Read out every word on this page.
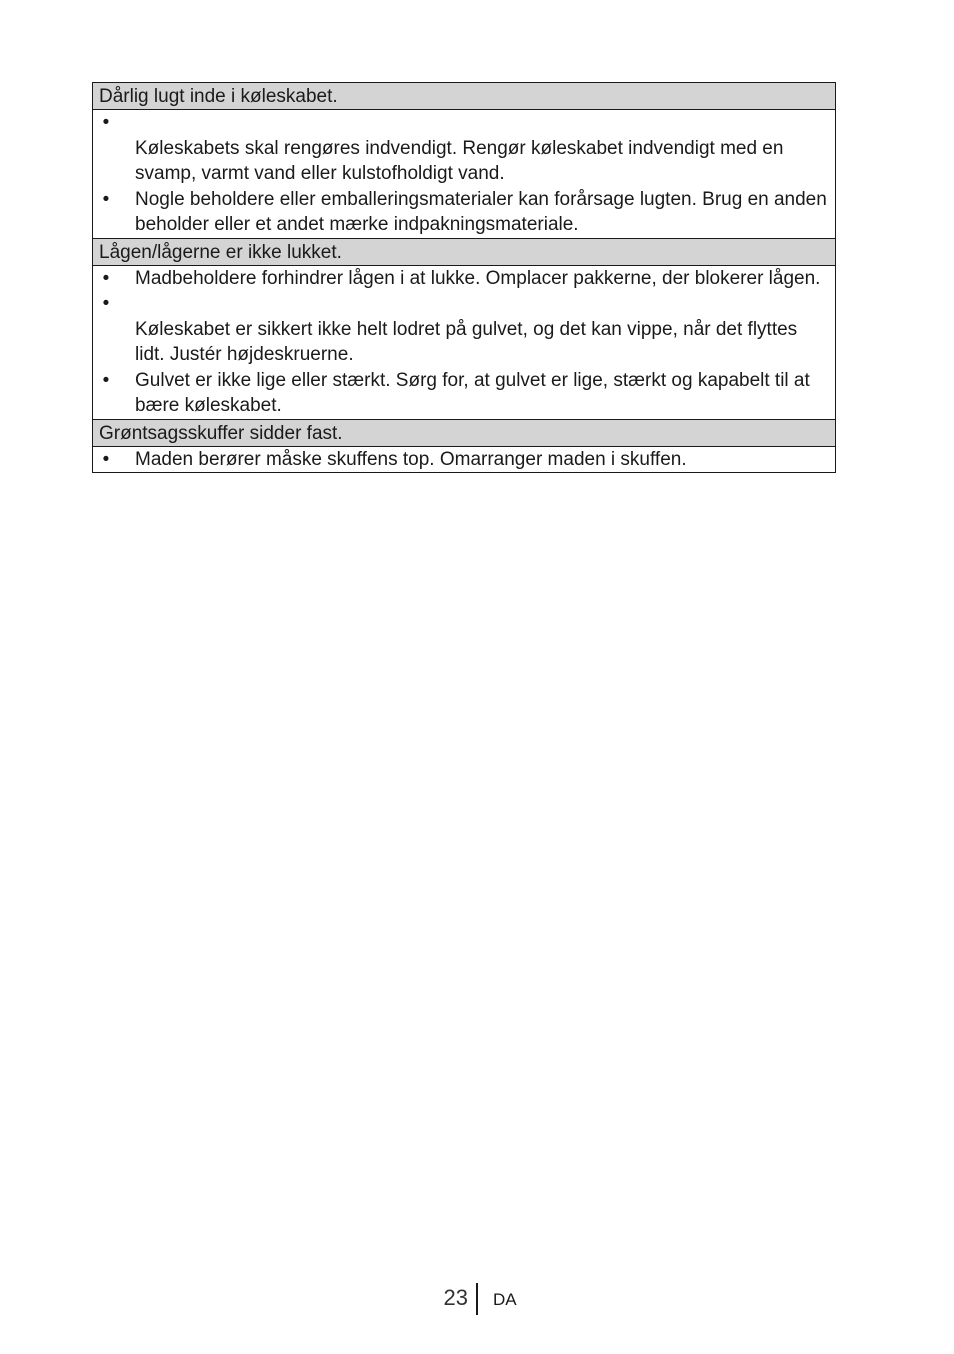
Dårlig lugt inde i køleskabet.
•
Køleskabets skal rengøres indvendigt. Rengør køleskabet indvendigt med en svamp, varmt vand eller kulstofholdigt vand.
• Nogle beholdere eller emballeringsmaterialer kan forårsage lugten. Brug en anden beholder eller et andet mærke indpakningsmateriale.
Lågen/lågerne er ikke lukket.
• Madbeholdere forhindrer lågen i at lukke. Omplacer pakkerne, der blokerer lågen.
•
Køleskabet er sikkert ikke helt lodret på gulvet, og det kan vippe, når det flyttes lidt. Justér højdeskruerne.
• Gulvet er ikke lige eller stærkt. Sørg for, at gulvet er lige, stærkt og kapabelt til at bære køleskabet.
Grøntsagsskuffer sidder fast.
• Maden berører måske skuffens top. Omarranger maden i skuffen.
23 DA
